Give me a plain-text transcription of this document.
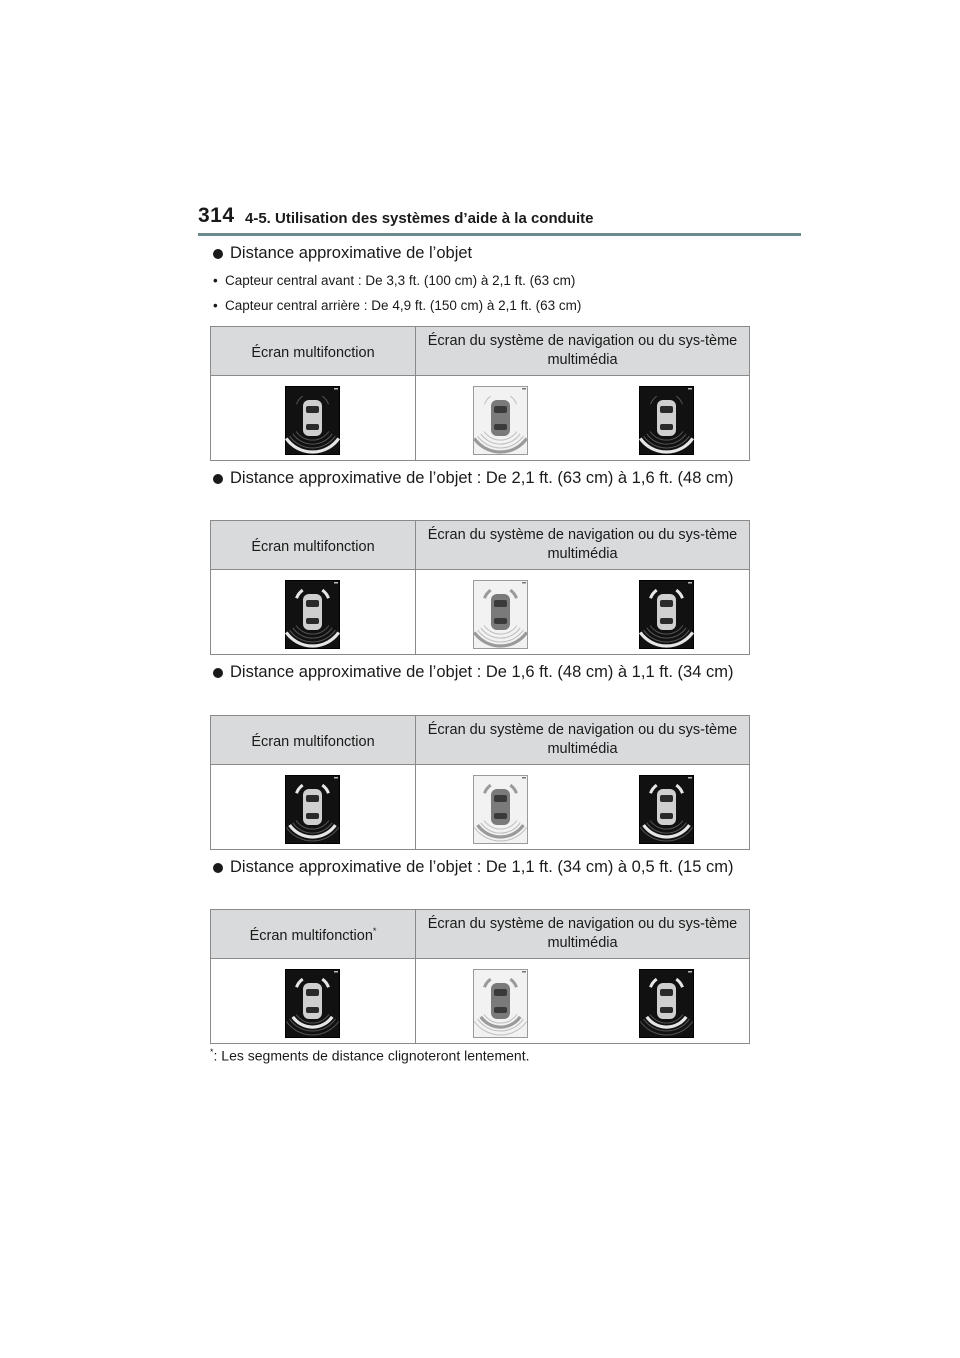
314 4-5. Utilisation des systèmes d’aide à la conduite
Distance approximative de l’objet
• Capteur central avant : De 3,3 ft. (100 cm) à 2,1 ft. (63 cm)
• Capteur central arrière : De 4,9 ft. (150 cm) à 2,1 ft. (63 cm)
Écran multifonction	Écran du système de navigation ou du sys-tème multimédia

Distance approximative de l’objet : De 2,1 ft. (63 cm) à 1,6 ft. (48 cm)
Écran multifonction	Écran du système de navigation ou du sys-tème multimédia

Distance approximative de l’objet : De 1,6 ft. (48 cm) à 1,1 ft. (34 cm)
Écran multifonction	Écran du système de navigation ou du sys-tème multimédia

Distance approximative de l’objet : De 1,1 ft. (34 cm) à 0,5 ft. (15 cm)
Écran multifonction*	Écran du système de navigation ou du sys-tème multimédia

*: Les segments de distance clignoteront lentement.
